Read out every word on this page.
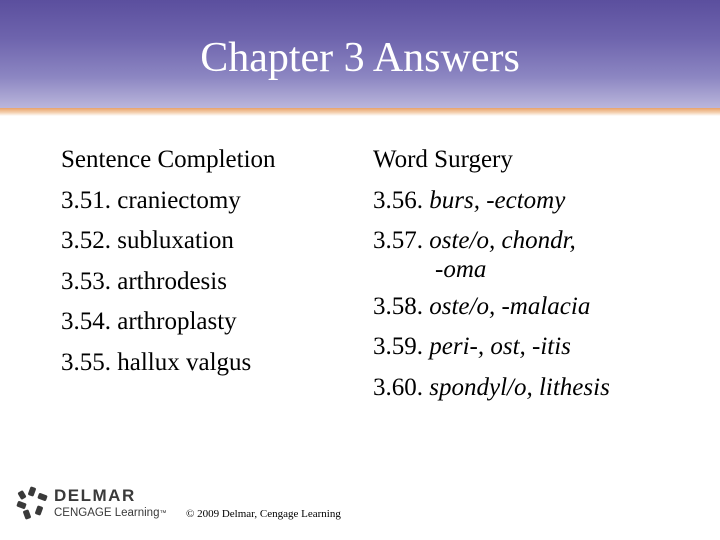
Chapter 3 Answers
Sentence Completion
3.51. craniectomy
3.52. subluxation
3.53. arthrodesis
3.54. arthroplasty
3.55. hallux valgus
Word Surgery
3.56. burs, -ectomy
3.57. oste/o, chondr,
-oma
3.58. oste/o, -malacia
3.59. peri-, ost, -itis
3.60. spondyl/o, lithesis
DELMAR
CENGAGE Learning™ © 2009 Delmar, Cengage Learning
